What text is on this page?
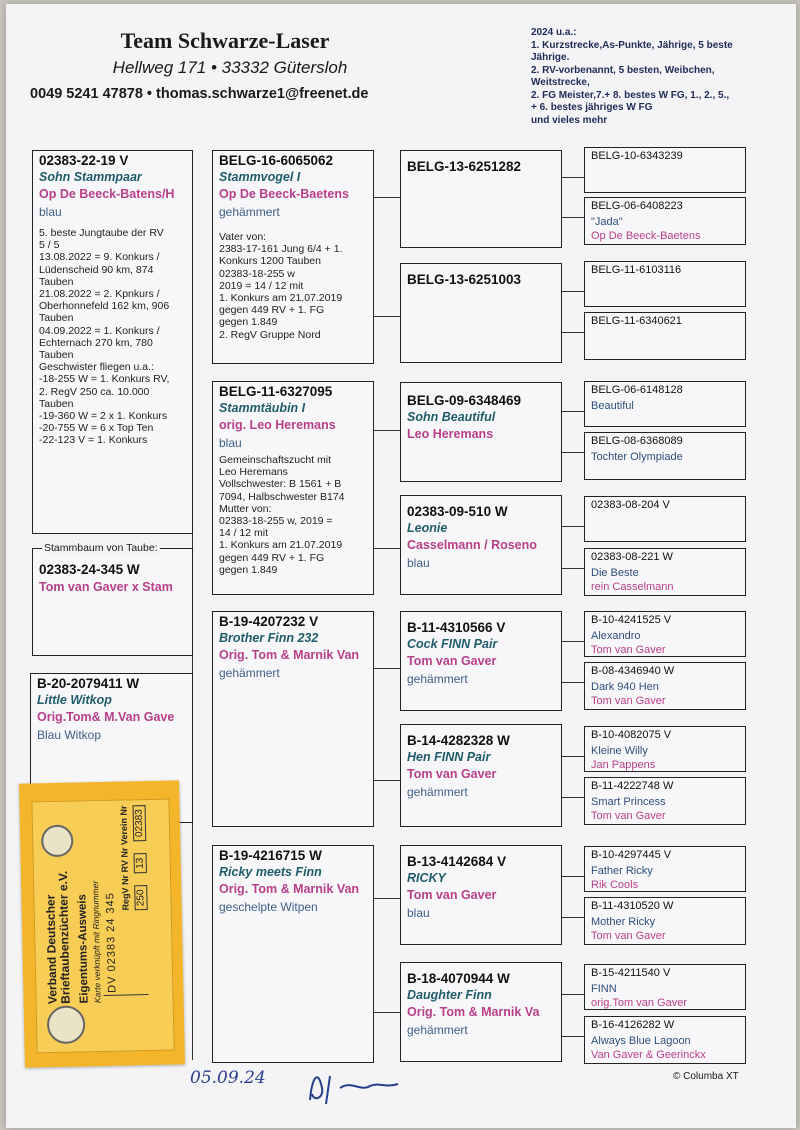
Team Schwarze-Laser
Hellweg 171 • 33332 Gütersloh
0049 5241 47878 • thomas.schwarze1@freenet.de
2024 u.a.:
1. Kurzstrecke,As-Punkte, Jährige, 5 beste Jährige.
2. RV-vorbenannt, 5 besten, Weibchen, Weitstrecke,
2. FG Meister,7.+ 8. bestes W FG, 1., 2., 5.,
+ 6. bestes jähriges W FG
und vieles mehr
02383-22-19 V
Sohn Stammpaar
Op De Beeck-Batens/H
blau
5. beste Jungtaube der RV
5 / 5
13.08.2022 = 9. Konkurs /
Lüdenscheid 90 km, 874
Tauben
21.08.2022 = 2. Kpnkurs /
Oberhonnefeld 162 km, 906
Tauben
04.09.2022 = 1. Konkurs /
Echternach 270 km, 780
Tauben
Geschwister fliegen u.a.:
-18-255 W = 1. Konkurs RV,
2. RegV 250 ca. 10.000
Tauben
-19-360 W = 2 x 1. Konkurs
-20-755 W = 6 x Top Ten
-22-123 V = 1. Konkurs
02383-24-345 W
Tom van Gaver x Stam
Stammbaum von Taube:
B-20-2079411 W
Little Witkop
Orig.Tom& M.Van Gave
Blau Witkop
BELG-16-6065062
Stammvogel I
Op De Beeck-Baetens
gehämmert
Vater von:
2383-17-161 Jung 6/4 + 1.
Konkurs 1200 Tauben
02383-18-255 w
2019 = 14 / 12 mit
1. Konkurs am 21.07.2019
gegen 449 RV + 1. FG
gegen 1.849
2. RegV Gruppe Nord
BELG-11-6327095
Stammtäubin I
orig. Leo Heremans
blau
Gemeinschaftszucht mit
Leo Heremans
Vollschwester: B 1561 + B
7094, Halbschwester B174
Mutter von:
02383-18-255 w, 2019 =
14 / 12 mit
1. Konkurs am 21.07.2019
gegen 449 RV + 1. FG
gegen 1.849
B-19-4207232 V
Brother Finn 232
Orig. Tom & Marnik Van
gehämmert
B-19-4216715 W
Ricky meets Finn
Orig. Tom & Marnik Van
geschelpte Witpen
BELG-13-6251282
BELG-13-6251003
BELG-09-6348469
Sohn Beautiful
Leo Heremans
02383-09-510 W
Leonie
Casselmann / Roseno
blau
B-11-4310566 V
Cock FINN Pair
Tom van Gaver
gehämmert
B-14-4282328 W
Hen FINN Pair
Tom van Gaver
gehämmert
B-13-4142684 V
RICKY
Tom van Gaver
blau
B-18-4070944 W
Daughter Finn
Orig. Tom & Marnik Va
gehämmert
BELG-10-6343239
BELG-06-6408223
"Jada"
Op De Beeck-Baetens
BELG-11-6103116
BELG-11-6340621
BELG-06-6148128
Beautiful
BELG-08-6368089
Tochter Olympiade
02383-08-204 V
02383-08-221 W
Die Beste
rein Casselmann
B-10-4241525 V
Alexandro
Tom van Gaver
B-08-4346940 W
Dark 940 Hen
Tom van Gaver
B-10-4082075 V
Kleine Willy
Jan Pappens
B-11-4222748 W
Smart Princess
Tom van Gaver
B-10-4297445 V
Father Ricky
Rik Cools
B-11-4310520 W
Mother Ricky
Tom van Gaver
B-15-4211540 V
FINN
orig.Tom van Gaver
B-16-4126282 W
Always Blue Lagoon
Van Gaver & Geerinckx
Verband Deutscher
Brieftaubenzüchter e.V. Eigentums-Ausweis Karte verknüpft mit Ringnummer DV 02383 24 345 RegV Nr
RV Nr
Verein Nr
250
13
02383
05.09.24	© Columba XT
